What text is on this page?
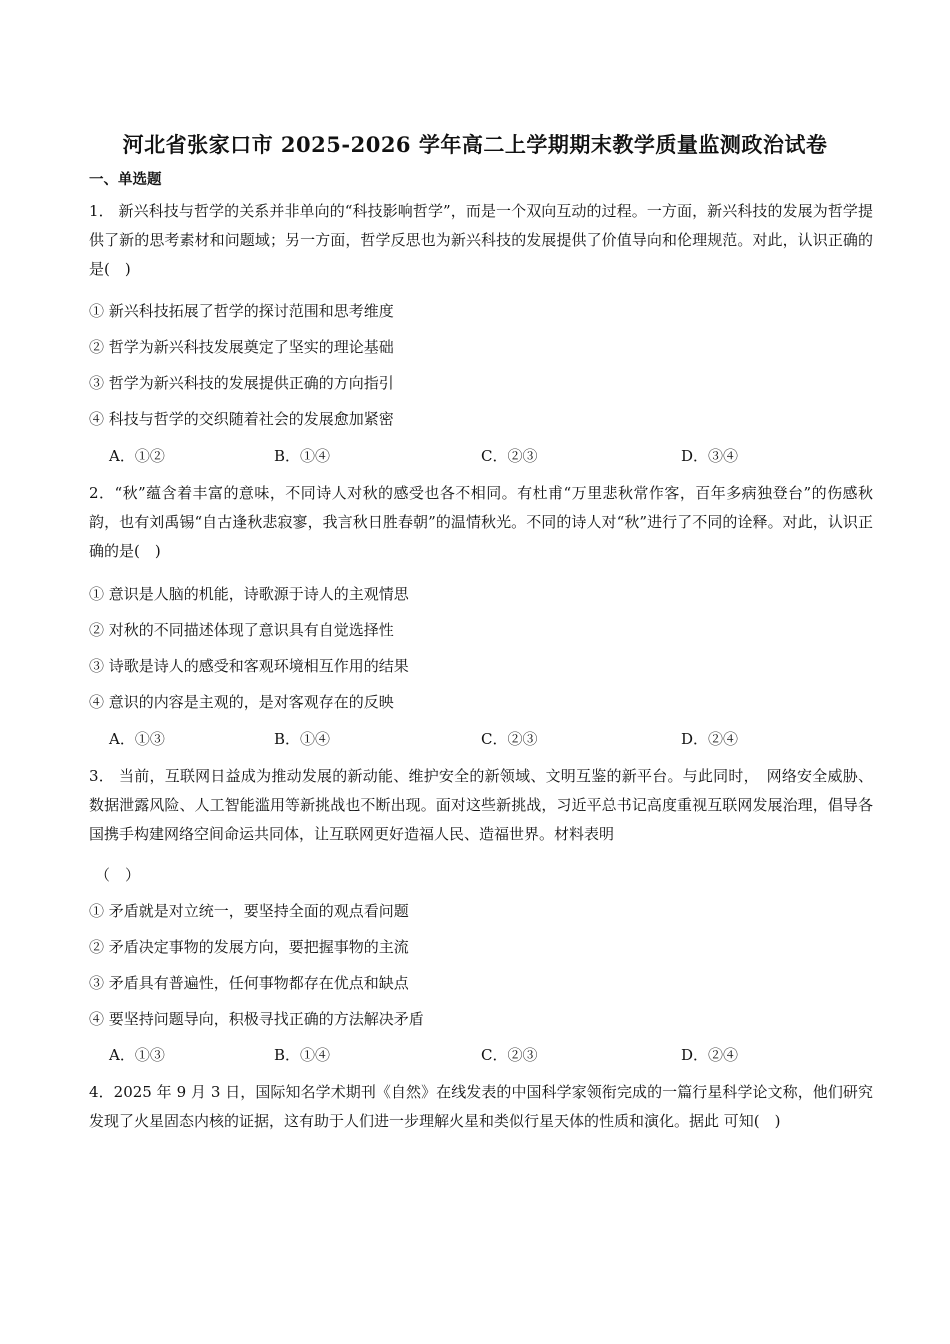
河北省张家口市 2025-2026 学年高二上学期期末教学质量监测政治试卷
一、单选题
1． 新兴科技与哲学的关系并非单向的“科技影响哲学”，而是一个双向互动的过程。一方面，新兴科技的发展为哲学提供了新的思考素材和问题域；另一方面，哲学反思也为新兴科技的发展提供了价值导向和伦理规范。对此，认识正确的是(　)
① 新兴科技拓展了哲学的探讨范围和思考维度
② 哲学为新兴科技发展奠定了坚实的理论基础
③ 哲学为新兴科技的发展提供正确的方向指引
④ 科技与哲学的交织随着社会的发展愈加紧密
A．①②	B．①④	C．②③	D．③④
2．“秋”蕴含着丰富的意味，不同诗人对秋的感受也各不相同。有杜甫“万里悲秋常作客，百年多病独登台”的伤感秋韵，也有刘禹锡“自古逢秋悲寂寥，我言秋日胜春朝”的温情秋光。不同的诗人对“秋”进行了不同的诠释。对此，认识正确的是(　)
① 意识是人脑的机能，诗歌源于诗人的主观情思
② 对秋的不同描述体现了意识具有自觉选择性
③ 诗歌是诗人的感受和客观环境相互作用的结果
④ 意识的内容是主观的，是对客观存在的反映
A．①③	B．①④	C．②③	D．②④
3． 当前，互联网日益成为推动发展的新动能、维护安全的新领域、文明互鉴的新平台。与此同时，　网络安全威胁、数据泄露风险、人工智能滥用等新挑战也不断出现。面对这些新挑战，习近平总书记高度重视互联网发展治理，倡导各国携手构建网络空间命运共同体，让互联网更好造福人民、造福世界。材料表明
（　）
① 矛盾就是对立统一，要坚持全面的观点看问题
② 矛盾决定事物的发展方向，要把握事物的主流
③ 矛盾具有普遍性，任何事物都存在优点和缺点
④ 要坚持问题导向，积极寻找正确的方法解决矛盾
A．①③	B．①④	C．②③	D．②④
4．2025 年 9 月 3 日，国际知名学术期刊《自然》在线发表的中国科学家领衔完成的一篇行星科学论文称，他们研究发现了火星固态内核的证据，这有助于人们进一步理解火星和类似行星天体的性质和演化。据此 可知(　)
